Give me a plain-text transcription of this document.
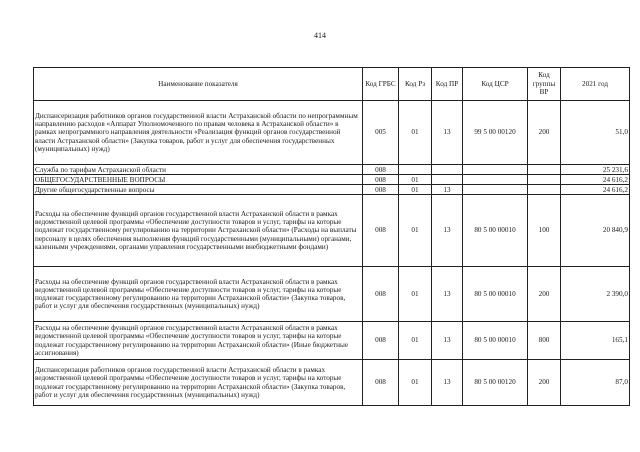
414
Наименование показателя	Код ГРБС	Код Рз	Код ПР	Код ЦСР	Код группы ВР	2021 год
Диспансеризация работников органов государственной власти Астраханской области по непрограммным направлению расходов «Аппарат Уполномоченного по правам человека в Астраханской области» в рамках непрограммного направления деятельности «Реализация функций органов государственной власти Астраханской области» (Закупка товаров, работ и услуг для обеспечения государственных (муниципальных) нужд)	005	01	13	99 5 00 00120	200	51,0
Служба по тарифам Астраханской области	008					25 231,6
ОБЩЕГОСУДАРСТВЕННЫЕ ВОПРОСЫ	008	01				24 616,2
Другие общегосударственные вопросы	008	01	13			24 616,2
Расходы на обеспечение функций органов государственной власти Астраханской области в рамках ведомственной целевой программы «Обеспечение доступности товаров и услуг, тарифы на которые подлежат государственному регулированию на территории Астраханской области» (Расходы на выплаты персоналу в целях обеспечения выполнения функций государственными (муниципальными) органами, казенными учреждениями, органами управления государственными внебюджетными фондами)	008	01	13	80 5 00 00010	100	20 840,9
Расходы на обеспечение функций органов государственной власти Астраханской области в рамках ведомственной целевой программы «Обеспечение доступности товаров и услуг, тарифы на которые подлежат государственному регулированию на территории Астраханской области» (Закупка товаров, работ и услуг для обеспечения государственных (муниципальных) нужд)	008	01	13	80 5 00 00010	200	2 390,0
Расходы на обеспечение функций органов государственной власти Астраханской области в рамках ведомственной целевой программы «Обеспечение доступности товаров и услуг, тарифы на которые подлежат государственному регулированию на территории Астраханской области» (Иные бюджетные ассигнования)	008	01	13	80 5 00 00010	800	165,1
Диспансеризация работников органов государственной власти Астраханской области в рамках ведомственной целевой программы «Обеспечение доступности товаров и услуг, тарифы на которые подлежат государственному регулированию на территории Астраханской области» (Закупка товаров, работ и услуг для обеспечения государственных (муниципальных) нужд)	008	01	13	80 5 00 00120	200	87,0
